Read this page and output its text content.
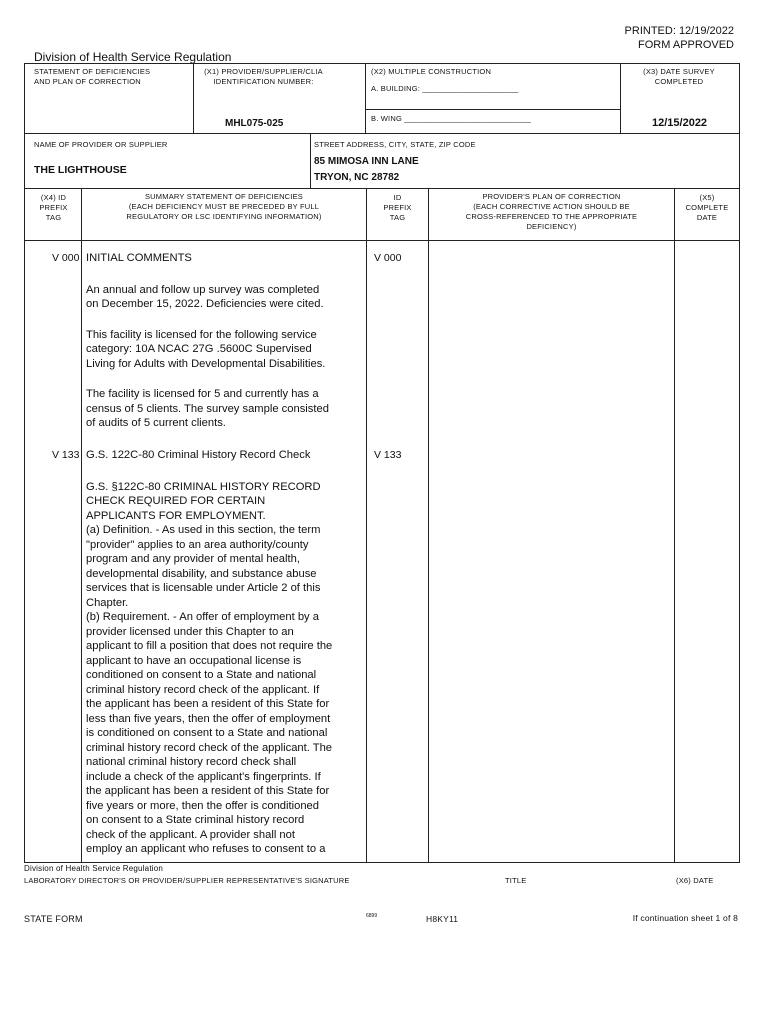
PRINTED: 12/19/2022
FORM APPROVED
Division of Health Service Regulation
STATEMENT OF DEFICIENCIES
AND PLAN OF CORRECTION
(X1) PROVIDER/SUPPLIER/CLIA
IDENTIFICATION NUMBER:
MHL075-025
(X2) MULTIPLE CONSTRUCTION
A. BUILDING: ______________________
B. WING _____________________________
(X3) DATE SURVEY
COMPLETED
12/15/2022
NAME OF PROVIDER OR SUPPLIER
THE LIGHTHOUSE
STREET ADDRESS, CITY, STATE, ZIP CODE
85 MIMOSA INN LANE
TRYON, NC 28782
(X4) ID
PREFIX
TAG
SUMMARY STATEMENT OF DEFICIENCIES
(EACH DEFICIENCY MUST BE PRECEDED BY FULL
REGULATORY OR LSC IDENTIFYING INFORMATION)
ID
PREFIX
TAG
PROVIDER'S PLAN OF CORRECTION
(EACH CORRECTIVE ACTION SHOULD BE
CROSS-REFERENCED TO THE APPROPRIATE
DEFICIENCY)
(X5)
COMPLETE
DATE
V 000	V 000

INITIAL COMMENTS

An annual and follow up survey was completed
on December 15, 2022. Deficiencies were cited.

This facility is licensed for the following service
category: 10A NCAC 27G .5600C Supervised
Living for Adults with Developmental Disabilities.

The facility is licensed for 5 and currently has a
census of 5 clients. The survey sample consisted
of audits of 5 current clients.

V 133	V 133

G.S. 122C-80 Criminal History Record Check

G.S. §122C-80 CRIMINAL HISTORY RECORD
CHECK REQUIRED FOR CERTAIN
APPLICANTS FOR EMPLOYMENT.
(a) Definition. - As used in this section, the term
"provider" applies to an area authority/county
program and any provider of mental health,
developmental disability, and substance abuse
services that is licensable under Article 2 of this
Chapter.
(b) Requirement. - An offer of employment by a
provider licensed under this Chapter to an
applicant to fill a position that does not require the
applicant to have an occupational license is
conditioned on consent to a State and national
criminal history record check of the applicant. If
the applicant has been a resident of this State for
less than five years, then the offer of employment
is conditioned on consent to a State and national
criminal history record check of the applicant. The
national criminal history record check shall
include a check of the applicant's fingerprints. If
the applicant has been a resident of this State for
five years or more, then the offer is conditioned
on consent to a State criminal history record
check of the applicant. A provider shall not
employ an applicant who refuses to consent to a

Division of Health Service Regulation
LABORATORY DIRECTOR'S OR PROVIDER/SUPPLIER REPRESENTATIVE'S SIGNATURE	TITLE	(X6) DATE
STATE FORM	6899	H8KY11	If continuation sheet 1 of 8
